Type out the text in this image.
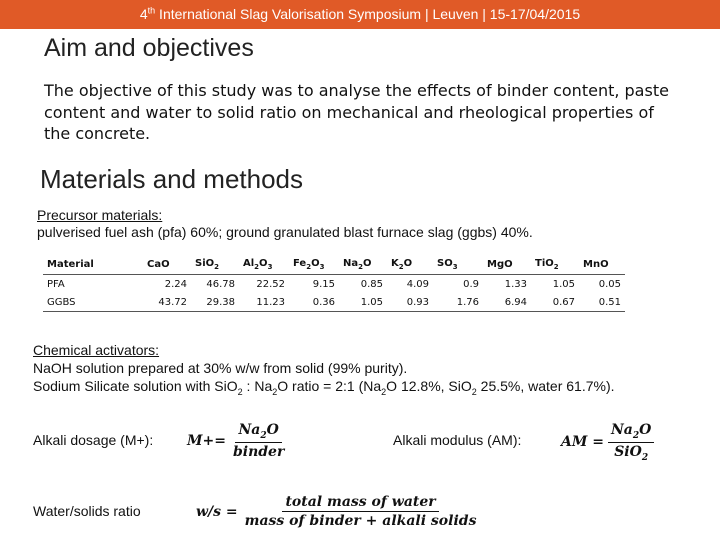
4th International Slag Valorisation Symposium | Leuven | 15-17/04/2015
Aim and objectives
The objective of this study was to analyse the effects of binder content, paste content and water to solid ratio on mechanical and rheological properties of the concrete.
Materials and methods
Precursor materials:
pulverised fuel ash (pfa) 60%; ground granulated blast furnace slag (ggbs) 40%.
Material	CaO	SiO$_2$	$Al_2O_3$	$Fe_2O_3$	$Na_2O$	$K_2O$	$SO_3$	MgO	TiO$_2$	MnO
PFA	2.24	46.78	22.52	9.15	0.85	4.09	0.9	1.33	1.05	0.05
GGBS	43.72	29.38	11.23	0.36	1.05	0.93	1.76	6.94	0.67	0.51
Chemical activators:
NaOH solution prepared at 30% w/w from solid (99% purity).
Sodium Silicate solution with SiO$_2$ : $Na_2O$ ratio = 2:1 ($Na_2O$ 12.8%, SiO$_2$ 25.5%, water 61.7%).
Alkali dosage (M+): $M+= \frac{Na_2O}{\text{binder}}$	Alkali modulus (AM):	AM = $\frac{Na_2O}{SiO_2}$
Water/solids ratio	$w/s = \frac{\text{total mass of water}}{\text{mass of binder + alkali solids}}$
